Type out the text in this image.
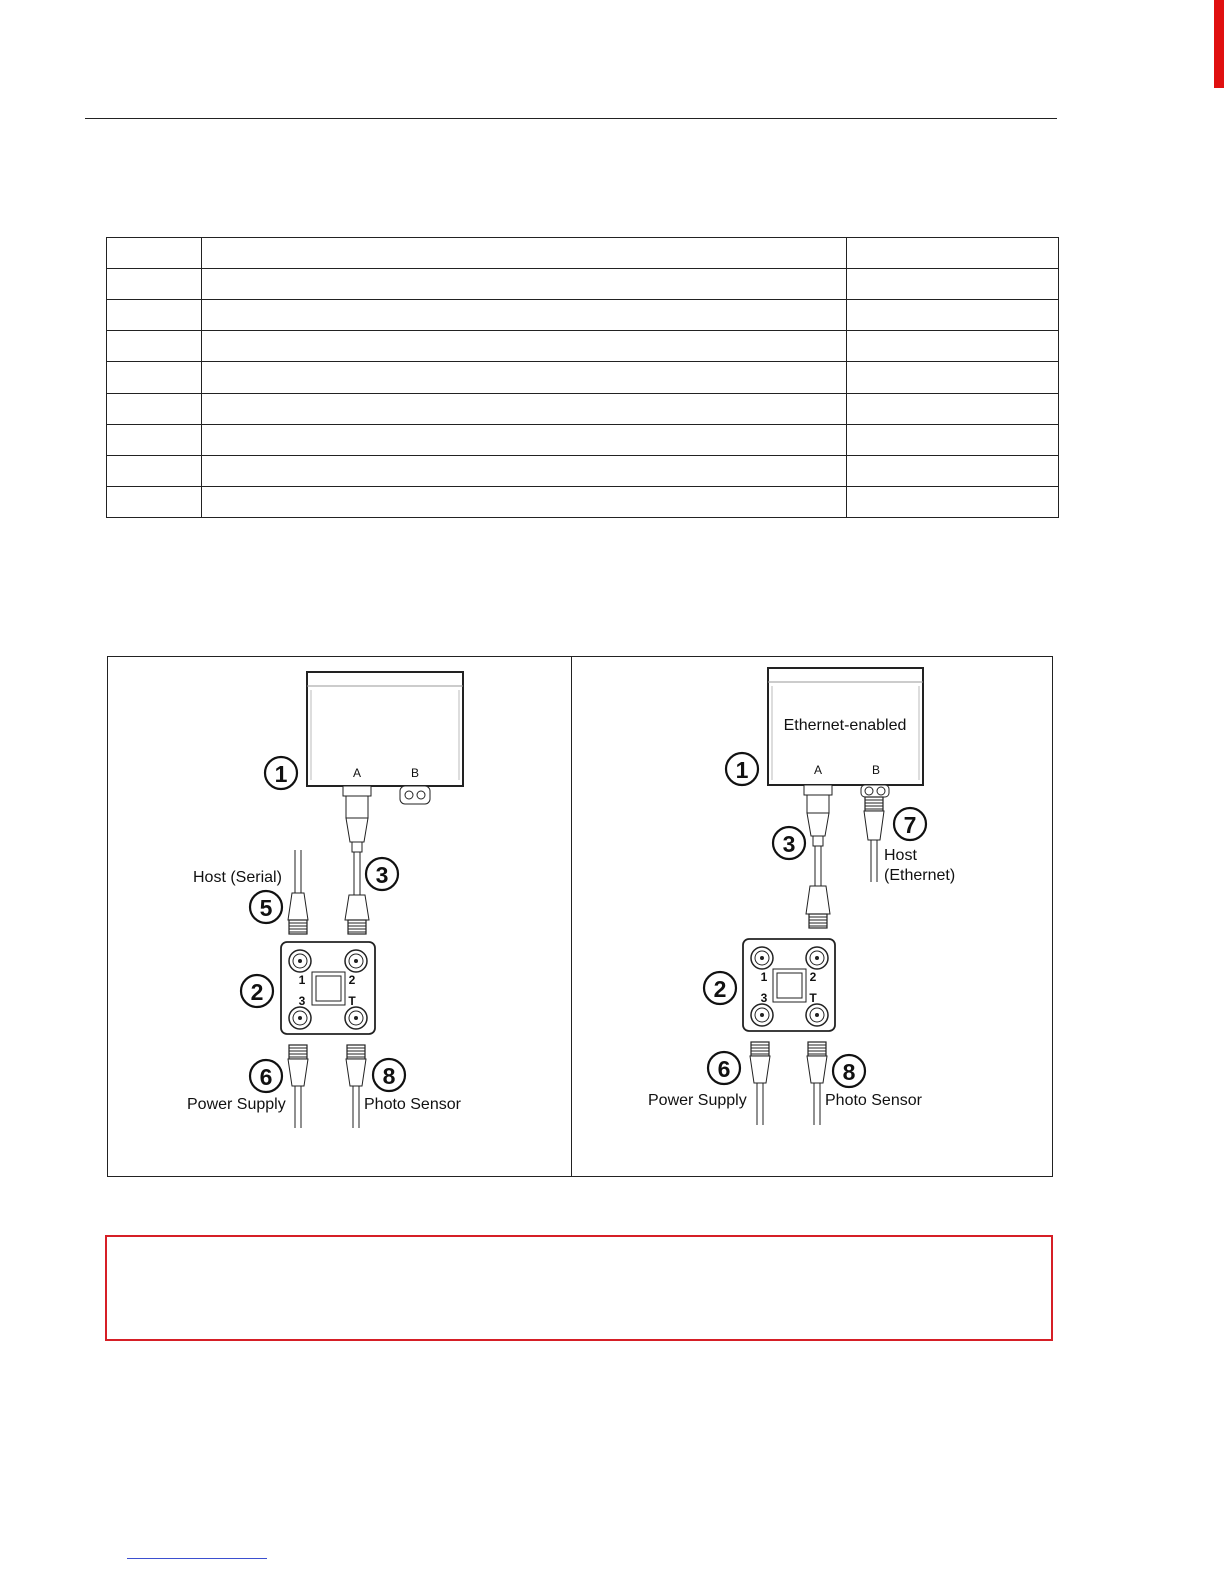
A	B
1	2
3	T
1
3
5
2
6	8
Host (Serial)
Power Supply	Photo Sensor
Ethernet-enabled
A	B
1	2
3	T
1
3
7
2
6	8
Host
(Ethernet)
Power Supply	Photo Sensor
